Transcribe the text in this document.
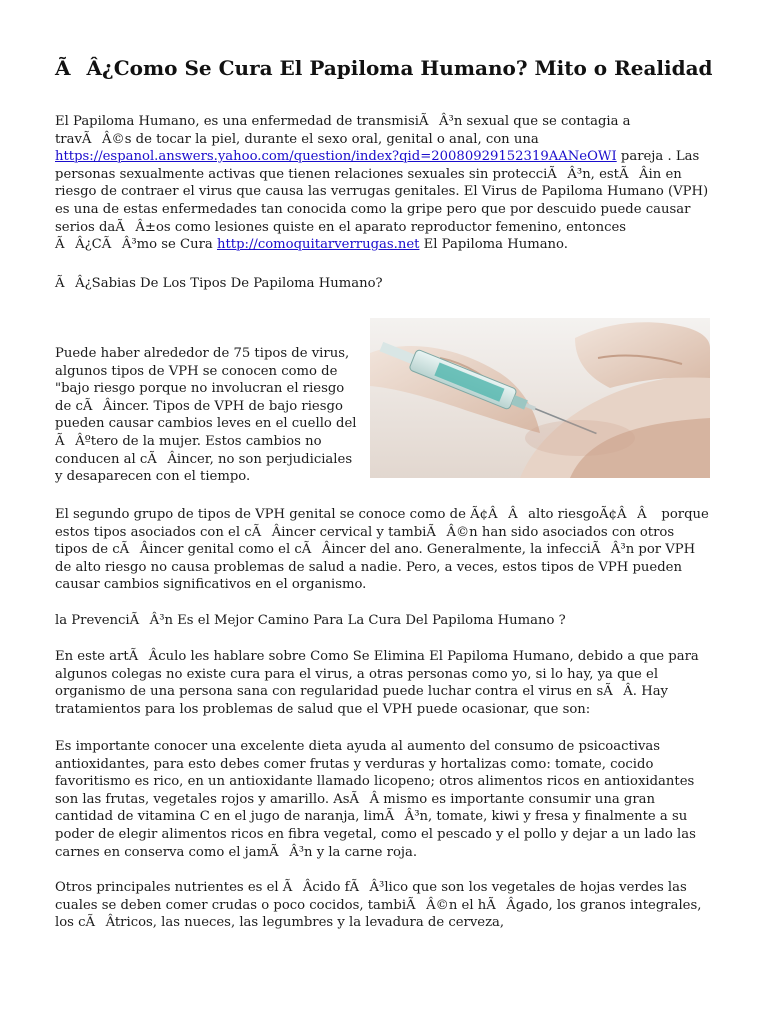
ÃÂ¿Como Se Cura El Papiloma Humano? Mito o Realidad

El Papiloma Humano, es una enfermedad de transmisiÃÂ³n sexual que se contagia a travÃÂ©s de tocar la piel, durante el sexo oral, genital o anal, con una https://espanol.answers.yahoo.com/question/index?qid=20080929152319AANeOWI pareja . Las personas sexualmente activas que tienen relaciones sexuales sin protecciÃÂ³n, estÃÂin en riesgo de contraer el virus que causa las verrugas genitales. El Virus de Papiloma Humano (VPH) es una de estas enfermedades tan conocida como la gripe pero que por descuido puede causar serios daÃÂ±os como lesiones quiste en el aparato reproductor femenino, entonces ÃÂ¿CÃÂ³mo se Cura http://comoquitarverrugas.net El Papiloma Humano.

ÃÂ¿Sabias De Los Tipos De Papiloma Humano?

Puede haber alrededor de 75 tipos de virus, algunos tipos de VPH se conocen como de "bajo riesgo porque no involucran el riesgo de cÃÂincer. Tipos de VPH de bajo riesgo pueden causar cambios leves en el cuello del ÃÂºtero de la mujer. Estos cambios no conducen al cÃÂincer, no son perjudiciales y desaparecen con el tiempo.

El segundo grupo de tipos de VPH genital se conoce como de Ã¢ÂÂalto riesgoÃ¢ÂÂ porque estos tipos asociados con el cÃÂincer cervical y tambiÃÂ©n han sido asociados con otros tipos de cÃÂincer genital como el cÃÂincer del ano. Generalmente, la infecciÃÂ³n por VPH de alto riesgo no causa problemas de salud a nadie. Pero, a veces, estos tipos de VPH pueden causar cambios significativos en el organismo.

la PrevenciÃÂ³n Es el Mejor Camino Para La Cura Del Papiloma Humano ?

En este artÃÂculo les hablare sobre Como Se Elimina El Papiloma Humano, debido a que para algunos colegas no existe cura para el virus, a otras personas como yo, si lo hay, ya que el organismo de una persona sana con regularidad puede luchar contra el virus en sÃÂ. Hay tratamientos para los problemas de salud que el VPH puede ocasionar, que son:

Es importante conocer una excelente dieta ayuda al aumento del consumo de psicoactivas antioxidantes, para esto debes comer frutas y verduras y hortalizas como: tomate, cocido favoritismo es rico, en un antioxidante llamado licopeno; otros alimentos ricos en antioxidantes son las frutas, vegetales rojos y amarillo. AsÃÂ mismo es importante consumir una gran cantidad de vitamina C en el jugo de naranja, limÃÂ³n, tomate, kiwi y fresa y finalmente a su poder de elegir alimentos ricos en fibra vegetal, como el pescado y el pollo y dejar a un lado las carnes en conserva como el jamÃÂ³n y la carne roja.

Otros principales nutrientes es el ÃÂcido fÃÂ³lico que son los vegetales de hojas verdes las cuales se deben comer crudas o poco cocidos, tambiÃÂ©n el hÃÂgado, los granos integrales, los cÃÂtricos, las nueces, las legumbres y la levadura de cerveza,
